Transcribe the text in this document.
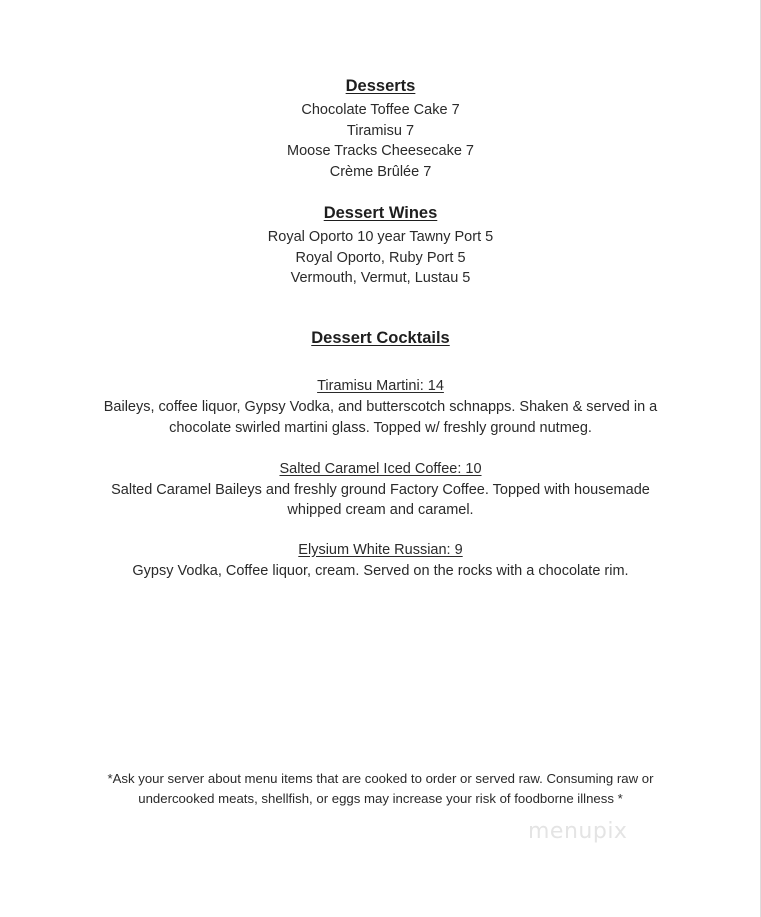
Desserts
Chocolate Toffee Cake 7
Tiramisu 7
Moose Tracks Cheesecake 7
Crème Brûlée 7
Dessert Wines
Royal Oporto 10 year Tawny Port 5
Royal Oporto, Ruby Port 5
Vermouth, Vermut, Lustau 5
Dessert Cocktails
Tiramisu Martini: 14
Baileys, coffee liquor, Gypsy Vodka, and butterscotch schnapps. Shaken & served in a chocolate swirled martini glass. Topped w/ freshly ground nutmeg.
Salted Caramel Iced Coffee: 10
Salted Caramel Baileys and freshly ground Factory Coffee. Topped with housemade whipped cream and caramel.
Elysium White Russian: 9
Gypsy Vodka, Coffee liquor, cream. Served on the rocks with a chocolate rim.
*Ask your server about menu items that are cooked to order or served raw. Consuming raw or undercooked meats, shellfish, or eggs may increase your risk of foodborne illness *
menupix
